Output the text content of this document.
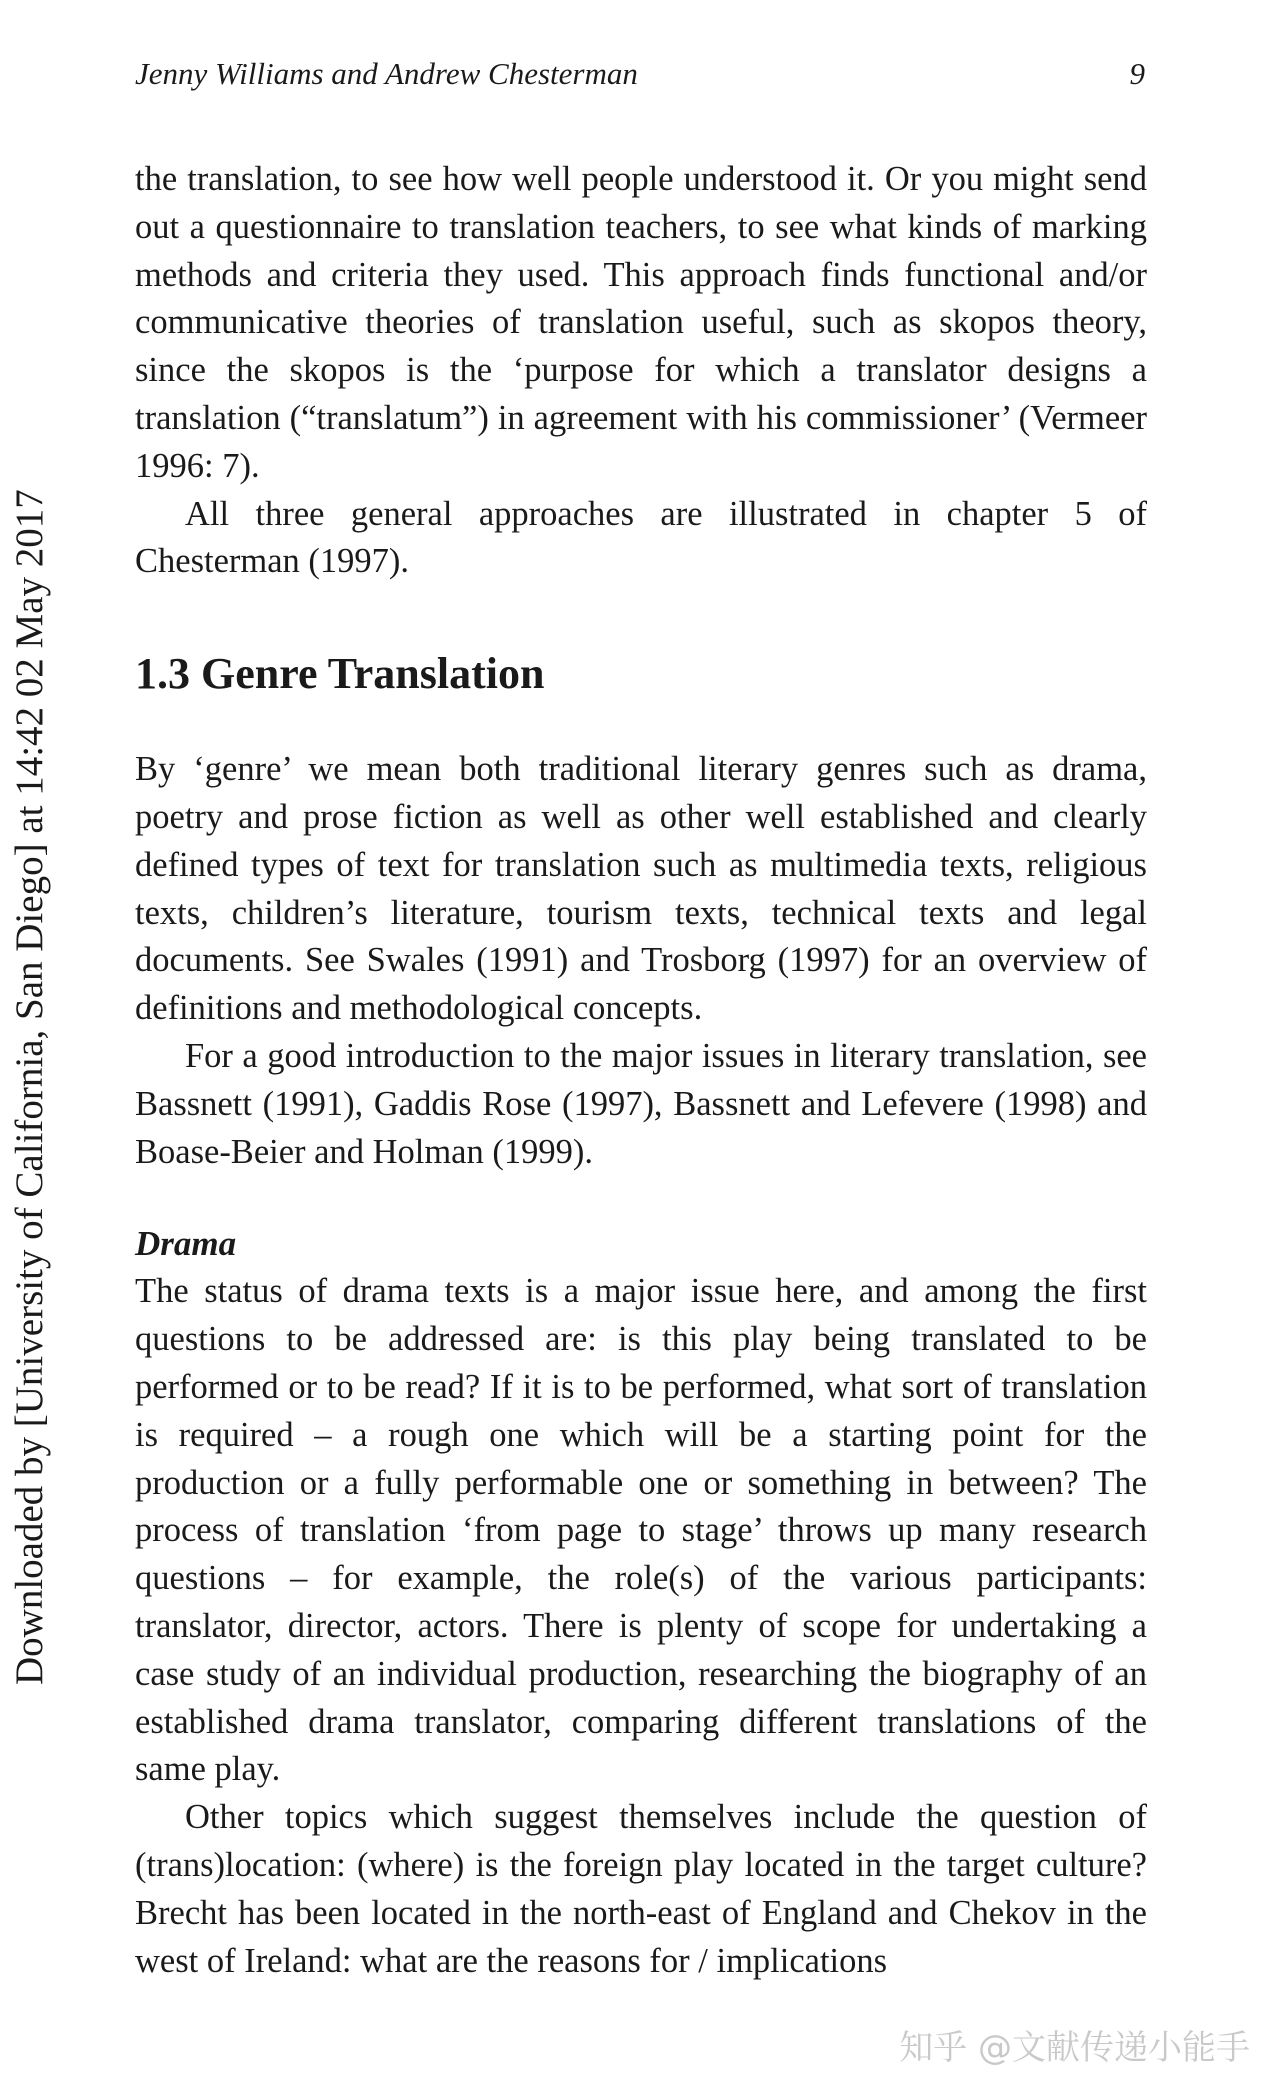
Jenny Williams and Andrew Chesterman	9
Downloaded by [University of California, San Diego] at 14:42 02 May 2017

the translation, to see how well people understood it. Or you might send out a questionnaire to translation teachers, to see what kinds of marking methods and criteria they used. This approach finds functional and/or communicative theories of translation useful, such as skopos theory, since the skopos is the ‘purpose for which a translator designs a translation (“translatum”) in agreement with his commissioner’ (Vermeer 1996: 7).

All three general approaches are illustrated in chapter 5 of Chesterman (1997).

1.3 Genre Translation

By ‘genre’ we mean both traditional literary genres such as drama, poetry and prose fiction as well as other well established and clearly defined types of text for translation such as multimedia texts, religious texts, children’s literature, tourism texts, technical texts and legal documents. See Swales (1991) and Trosborg (1997) for an overview of definitions and methodological concepts.

For a good introduction to the major issues in literary translation, see Bassnett (1991), Gaddis Rose (1997), Bassnett and Lefevere (1998) and Boase-Beier and Holman (1999).

Drama

The status of drama texts is a major issue here, and among the first questions to be addressed are: is this play being translated to be performed or to be read? If it is to be performed, what sort of translation is required – a rough one which will be a starting point for the production or a fully performable one or something in between? The process of translation ‘from page to stage’ throws up many research questions – for example, the role(s) of the various participants: translator, director, actors. There is plenty of scope for undertaking a case study of an individual production, researching the biography of an established drama translator, comparing different translations of the same play.

Other topics which suggest themselves include the question of (trans)location: (where) is the foreign play located in the target culture? Brecht has been located in the north-east of England and Chekov in the west of Ireland: what are the reasons for / implications

知乎 @文献传递小能手
